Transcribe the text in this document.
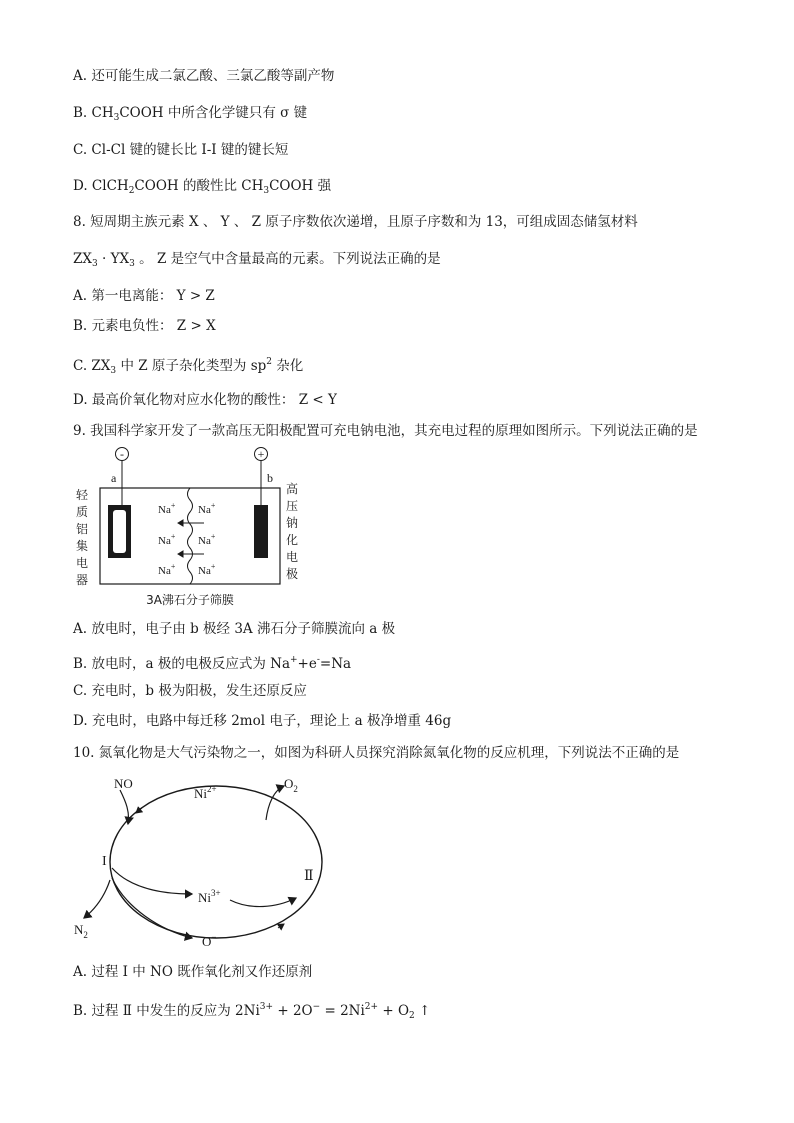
A. 还可能生成二氯乙酸、三氯乙酸等副产物
B. $CH_3COOH$ 中所含化学键只有 σ 键
C. Cl-Cl 键的键长比 I-I 键的键长短
D. ClCH$_2$COOH 的酸性比 $CH_3COOH$ 强
8. 短周期主族元素 X 、 Y 、 Z 原子序数依次递增，且原子序数和为 13，可组成固态储氢材料
$ZX_3 \cdot YX_3$ 。 Z 是空气中含量最高的元素。下列说法正确的是
A. 第一电离能： Y > Z
B. 元素电负性： Z > X
C. $ZX_3$ 中 Z 原子杂化类型为 $sp^2$ 杂化
D. 最高价氧化物对应水化物的酸性： Z < Y
9. 我国科学家开发了一款高压无阳极配置可充电钠电池，其充电过程的原理如图所示。下列说法正确的是
-	+
a	b
Na+ Na+
Na+ Na+
Na+ Na+
轻
质
铝
集
电
器
高
压
钠
化
电
极
3A沸石分子筛膜
A. 放电时，电子由 b 极经 3A 沸石分子筛膜流向 a 极
B. 放电时，a 极的电极反应式为 Na++e-=Na
C. 充电时，b 极为阳极，发生还原反应
D. 充电时，电路中每迁移 2mol 电子，理论上 a 极净增重 46g
10. 氮氧化物是大气污染物之一，如图为科研人员探究消除氮氧化物的反应机理，下列说法不正确的是
NO
$Ni^{2+}$	$O_2$
I
Ⅱ
$Ni^{3+}$
$N_2$	O−
A. 过程 I 中 NO 既作氧化剂又作还原剂
B. 过程 Ⅱ 中发生的反应为 $2Ni^{3+} + 2O^- = 2Ni^{2+} + O_2$ ↑
